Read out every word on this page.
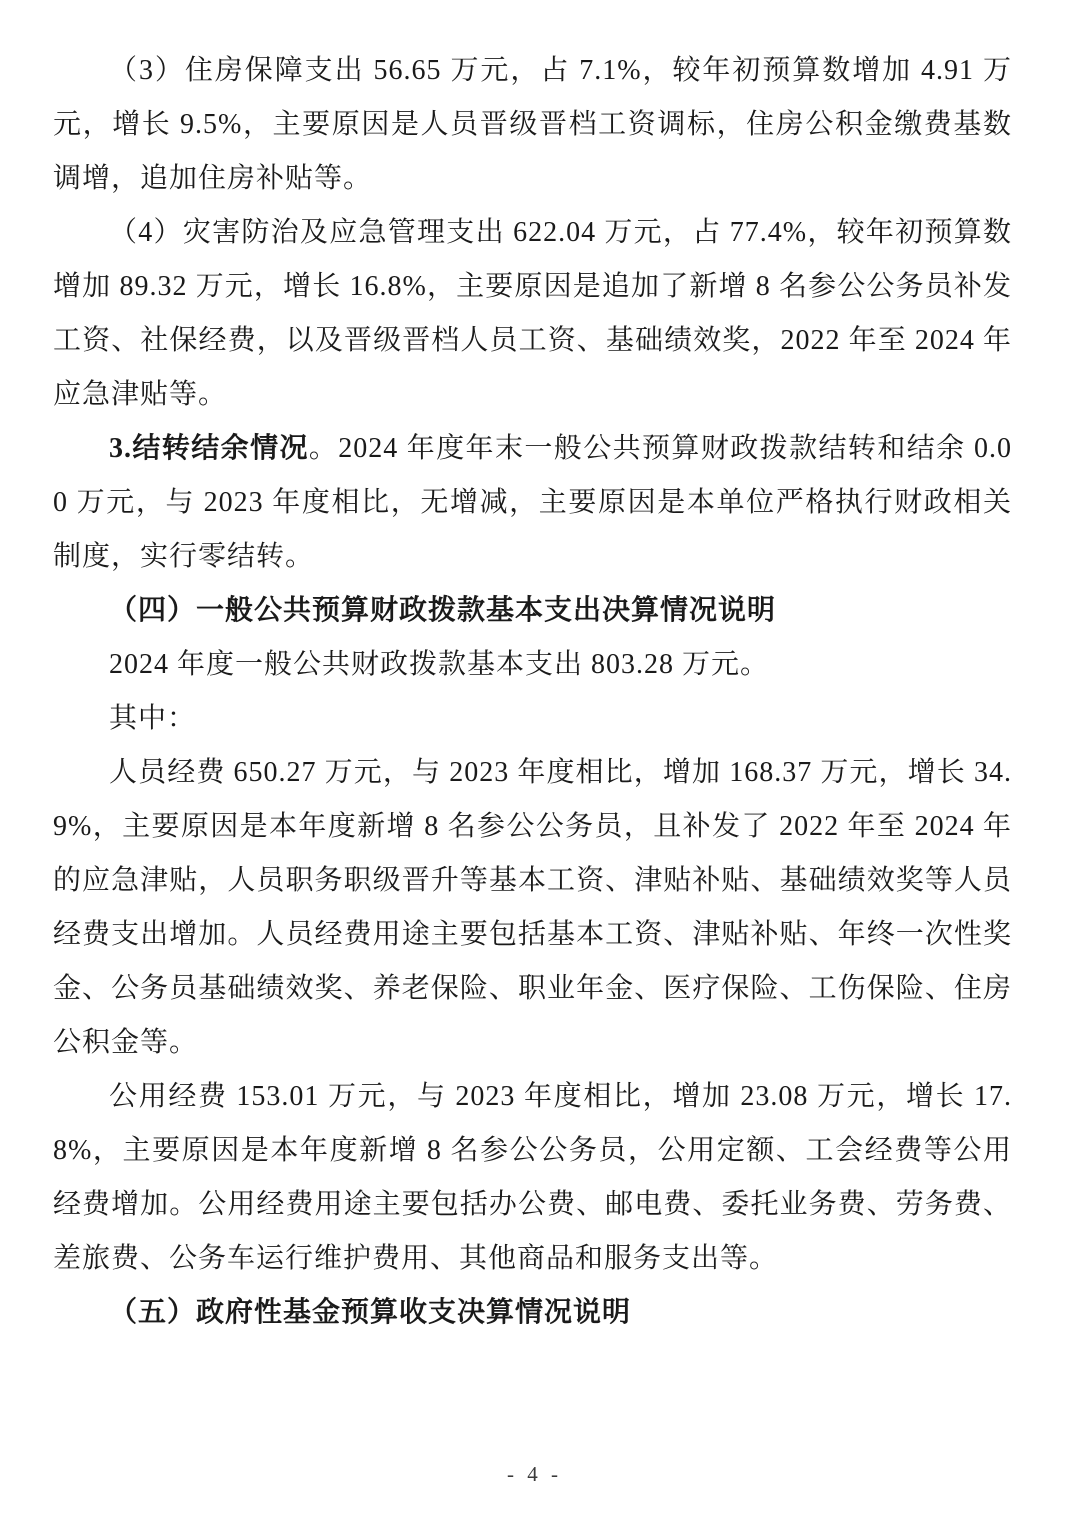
（3）住房保障支出 56.65 万元，占 7.1%，较年初预算数增加 4.91 万元，增长 9.5%，主要原因是人员晋级晋档工资调标，住房公积金缴费基数调增，追加住房补贴等。

（4）灾害防治及应急管理支出 622.04 万元，占 77.4%，较年初预算数增加 89.32 万元，增长 16.8%，主要原因是追加了新增 8 名参公公务员补发工资、社保经费，以及晋级晋档人员工资、基础绩效奖，2022 年至 2024 年应急津贴等。

3.结转结余情况。2024 年度年末一般公共预算财政拨款结转和结余 0.00 万元，与 2023 年度相比，无增减，主要原因是本单位严格执行财政相关制度，实行零结转。

（四）一般公共预算财政拨款基本支出决算情况说明

2024 年度一般公共财政拨款基本支出 803.28 万元。

其中：

人员经费 650.27 万元，与 2023 年度相比，增加 168.37 万元，增长 34.9%，主要原因是本年度新增 8 名参公公务员，且补发了 2022 年至 2024 年的应急津贴，人员职务职级晋升等基本工资、津贴补贴、基础绩效奖等人员经费支出增加。人员经费用途主要包括基本工资、津贴补贴、年终一次性奖金、公务员基础绩效奖、养老保险、职业年金、医疗保险、工伤保险、住房公积金等。

公用经费 153.01 万元，与 2023 年度相比，增加 23.08 万元，增长 17.8%，主要原因是本年度新增 8 名参公公务员，公用定额、工会经费等公用经费增加。公用经费用途主要包括办公费、邮电费、委托业务费、劳务费、差旅费、公务车运行维护费用、其他商品和服务支出等。

（五）政府性基金预算收支决算情况说明

- 4 -
